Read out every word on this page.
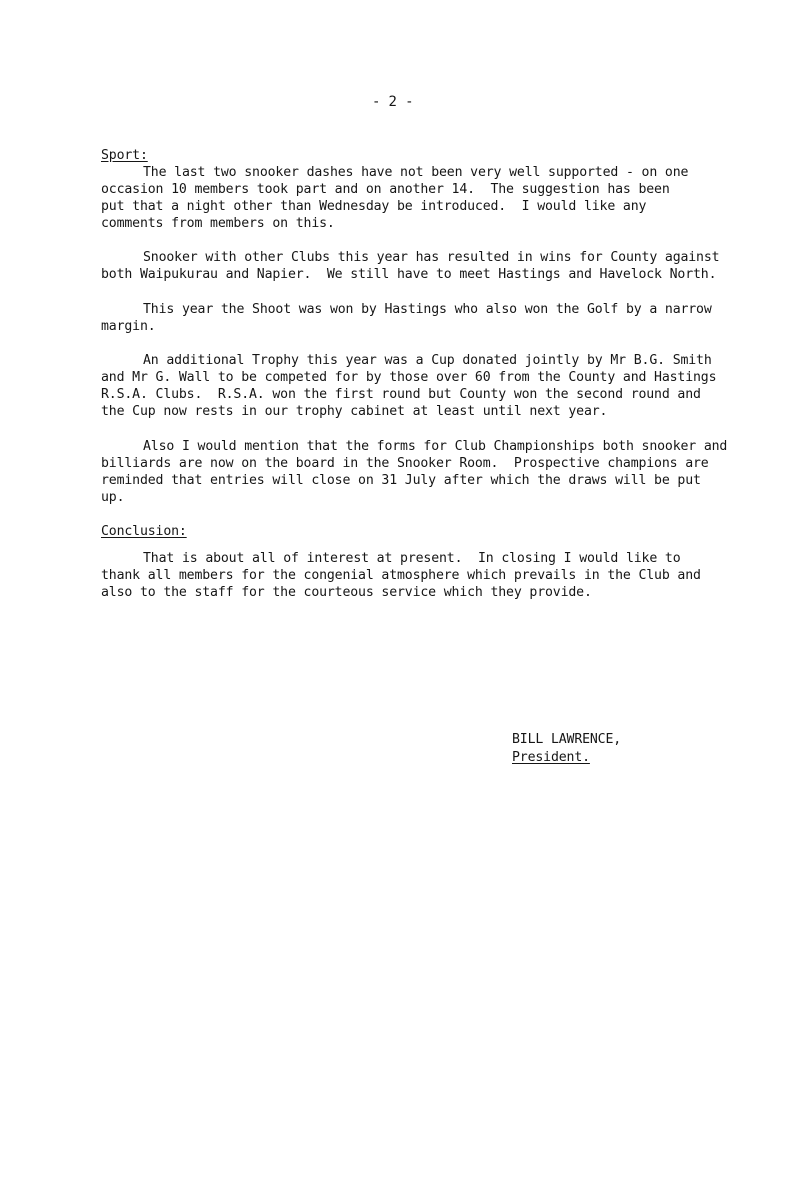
- 2 -
Sport:
The last two snooker dashes have not been very well supported - on one
occasion 10 members took part and on another 14.  The suggestion has been
put that a night other than Wednesday be introduced.  I would like any
comments from members on this.
Snooker with other Clubs this year has resulted in wins for County against
both Waipukurau and Napier.  We still have to meet Hastings and Havelock North.
This year the Shoot was won by Hastings who also won the Golf by a narrow
margin.
An additional Trophy this year was a Cup donated jointly by Mr B.G. Smith
and Mr G. Wall to be competed for by those over 60 from the County and Hastings
R.S.A. Clubs.  R.S.A. won the first round but County won the second round and
the Cup now rests in our trophy cabinet at least until next year.
Also I would mention that the forms for Club Championships both snooker and
billiards are now on the board in the Snooker Room.  Prospective champions are
reminded that entries will close on 31 July after which the draws will be put
up.
Conclusion:
That is about all of interest at present.  In closing I would like to
thank all members for the congenial atmosphere which prevails in the Club and
also to the staff for the courteous service which they provide.
BILL LAWRENCE,
President.
